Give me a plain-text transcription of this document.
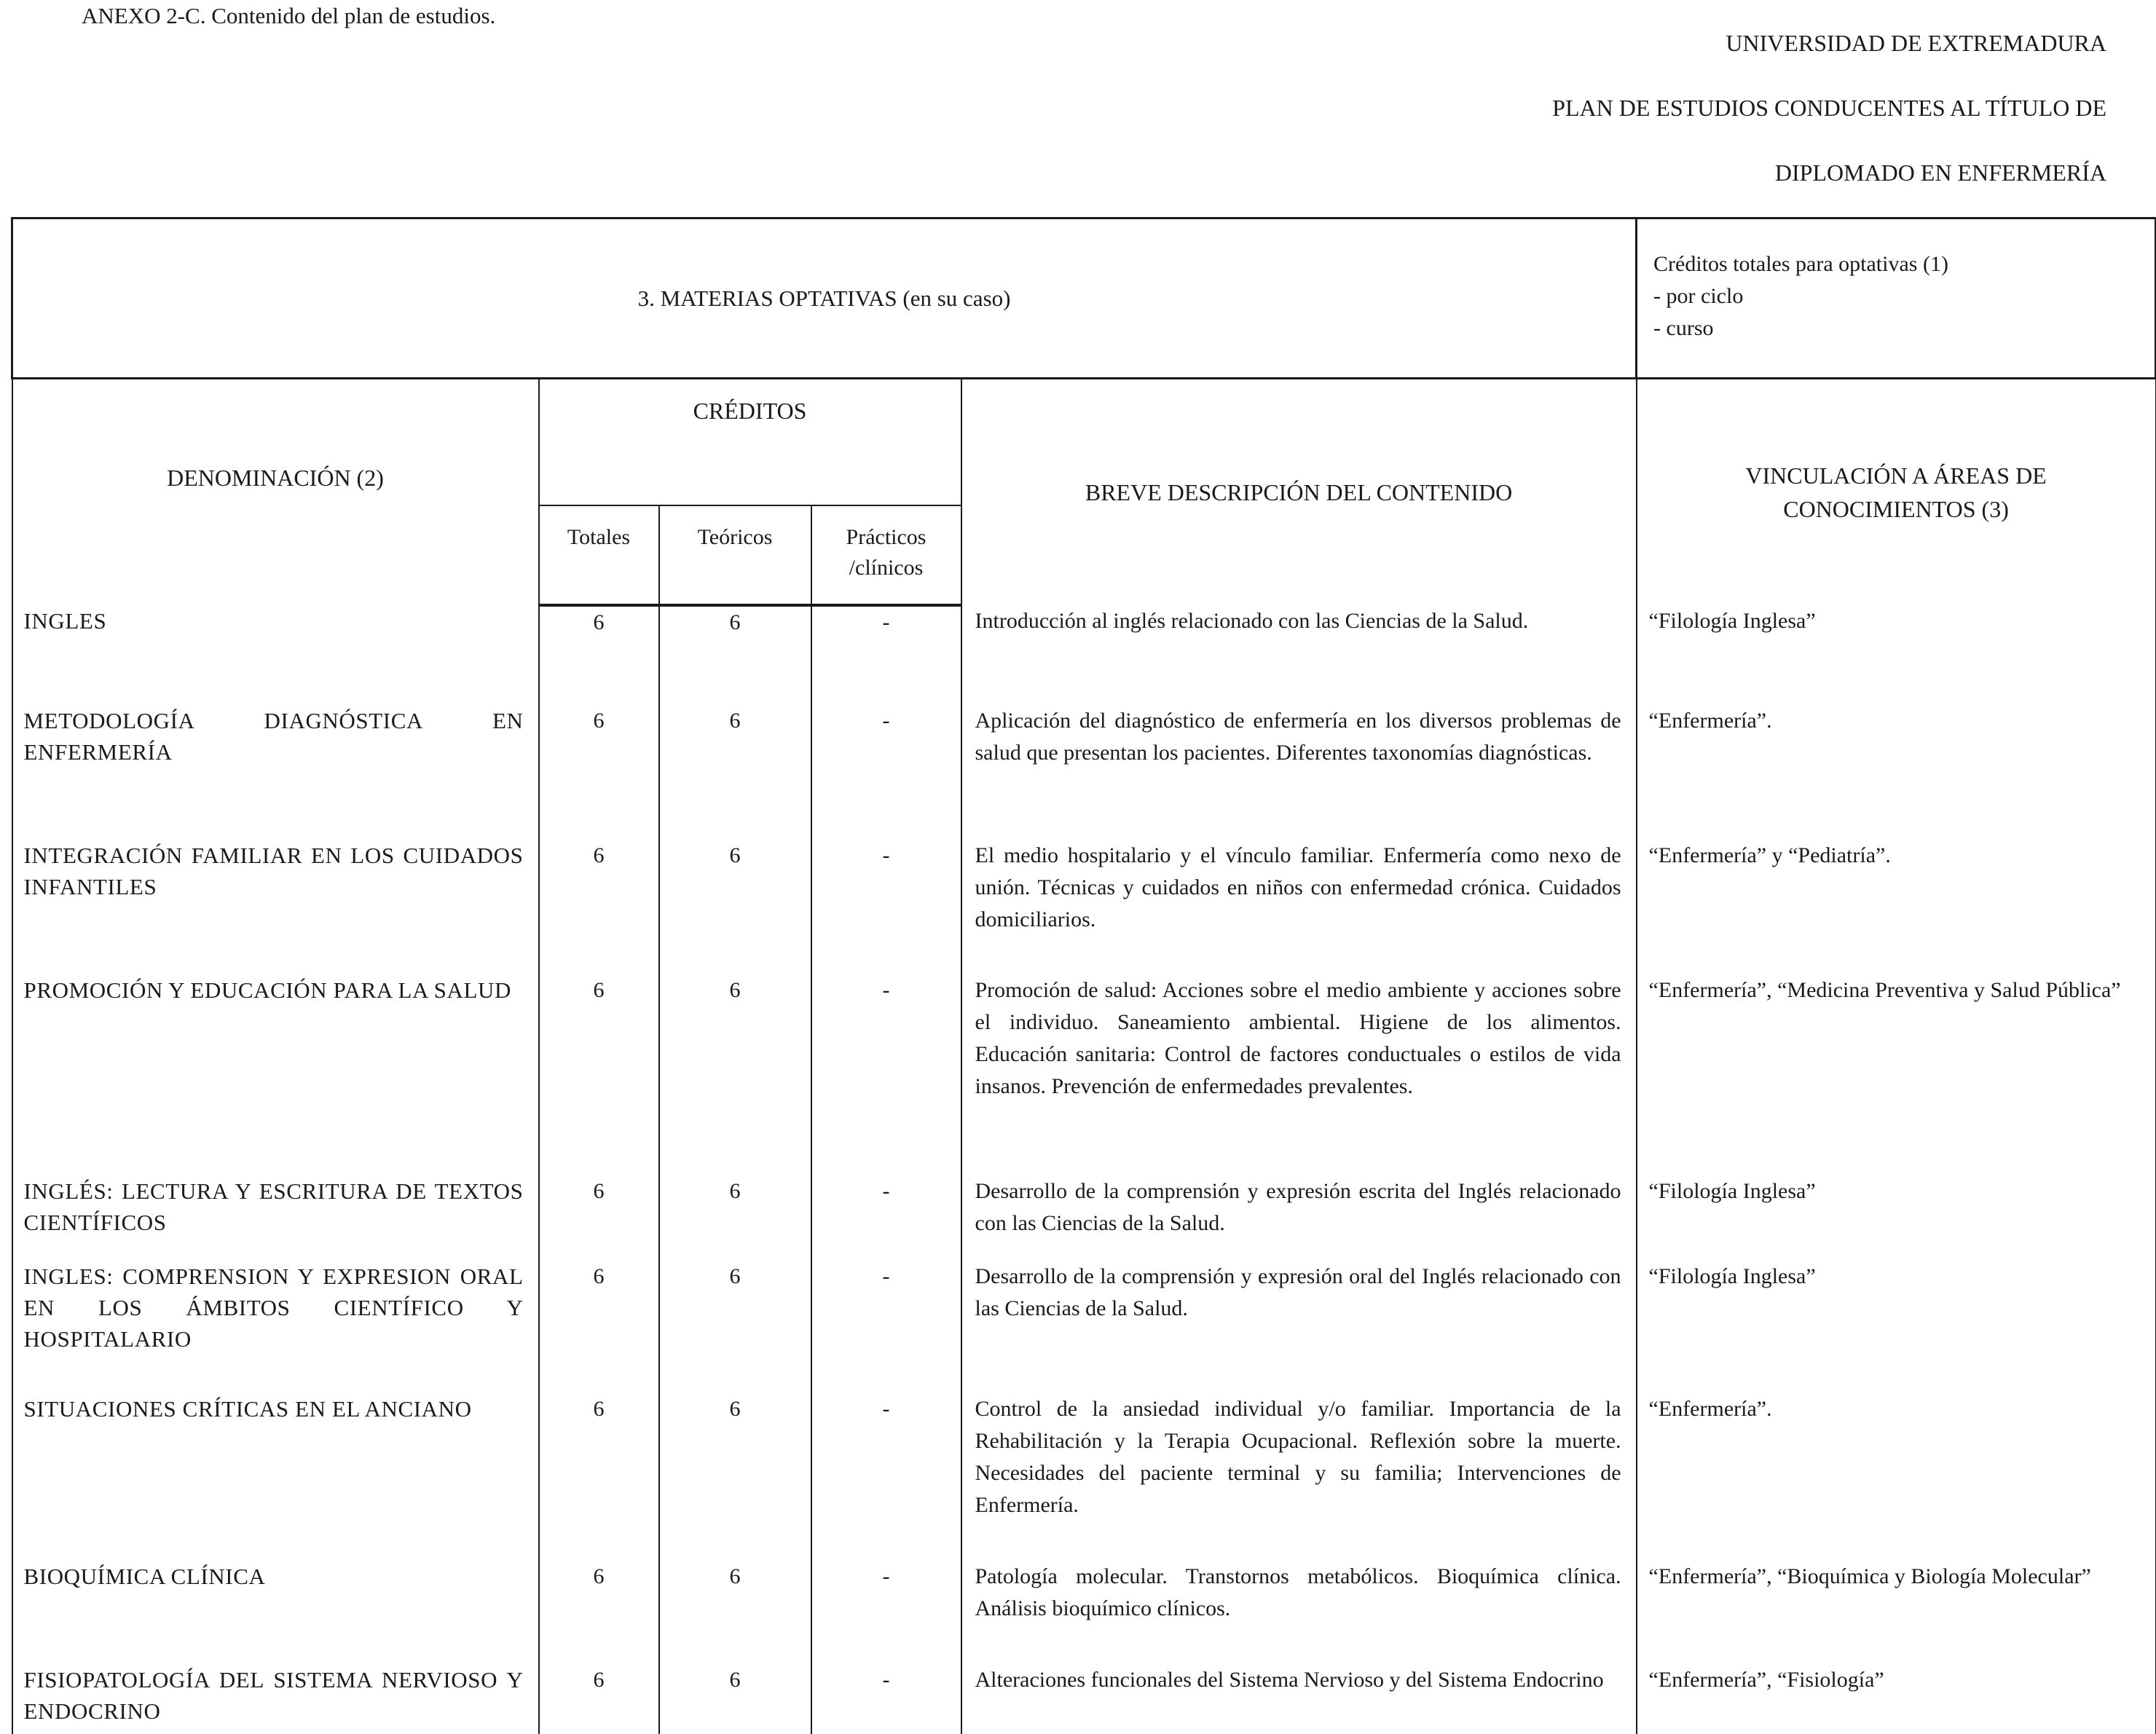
ANEXO 2-C. Contenido del plan de estudios.
UNIVERSIDAD DE EXTREMADURA
PLAN DE ESTUDIOS CONDUCENTES AL TÍTULO DE
DIPLOMADO EN ENFERMERÍA
3. MATERIAS OPTATIVAS (en su caso)					Créditos totales para optativas (1)
- por ciclo
- curso

DENOMINACIÓN (2)	CRÉDITOS			BREVE DESCRIPCIÓN DEL CONTENIDO	VINCULACIÓN A ÁREAS DE
CONOCIMIENTOS (3)

	Totales	Teóricos	Prácticos
/clínicos		

INGLES	6	6	-	Introducción al inglés relacionado con las Ciencias de la Salud.	“Filología Inglesa”
METODOLOGÍA DIAGNÓSTICA EN ENFERMERÍA	6	6	-	Aplicación del diagnóstico de enfermería en los diversos problemas de salud que presentan los pacientes. Diferentes taxonomías diagnósticas.	“Enfermería”.
INTEGRACIÓN FAMILIAR EN LOS CUIDADOS INFANTILES	6	6	-	El medio hospitalario y el vínculo familiar. Enfermería como nexo de unión. Técnicas y cuidados en niños con enfermedad crónica. Cuidados domiciliarios.	“Enfermería” y “Pediatría”.
PROMOCIÓN Y EDUCACIÓN PARA LA SALUD	6	6	-	Promoción de salud: Acciones sobre el medio ambiente y acciones sobre el individuo. Saneamiento ambiental. Higiene de los alimentos. Educación sanitaria: Control de factores conductuales o estilos de vida insanos. Prevención de enfermedades prevalentes.	“Enfermería”, “Medicina Preventiva y Salud Pública”
INGLÉS: LECTURA Y ESCRITURA DE TEXTOS CIENTÍFICOS	6	6	-	Desarrollo de la comprensión y expresión escrita del Inglés relacionado con las Ciencias de la Salud.	“Filología Inglesa”
INGLES: COMPRENSION Y EXPRESION ORAL EN LOS ÁMBITOS CIENTÍFICO Y HOSPITALARIO	6	6	-	Desarrollo de la comprensión y expresión oral del Inglés relacionado con las Ciencias de la Salud.	“Filología Inglesa”
SITUACIONES CRÍTICAS EN EL ANCIANO	6	6	-	Control de la ansiedad individual y/o familiar. Importancia de la Rehabilitación y la Terapia Ocupacional. Reflexión sobre la muerte. Necesidades del paciente terminal y su familia; Intervenciones de Enfermería.	“Enfermería”.
BIOQUÍMICA CLÍNICA	6	6	-	Patología molecular. Transtornos metabólicos. Bioquímica clínica. Análisis bioquímico clínicos.	“Enfermería”, “Bioquímica y Biología Molecular”
FISIOPATOLOGÍA DEL SISTEMA NERVIOSO Y ENDOCRINO	6	6	-	Alteraciones funcionales del Sistema Nervioso y del Sistema Endocrino	“Enfermería”, “Fisiología”
